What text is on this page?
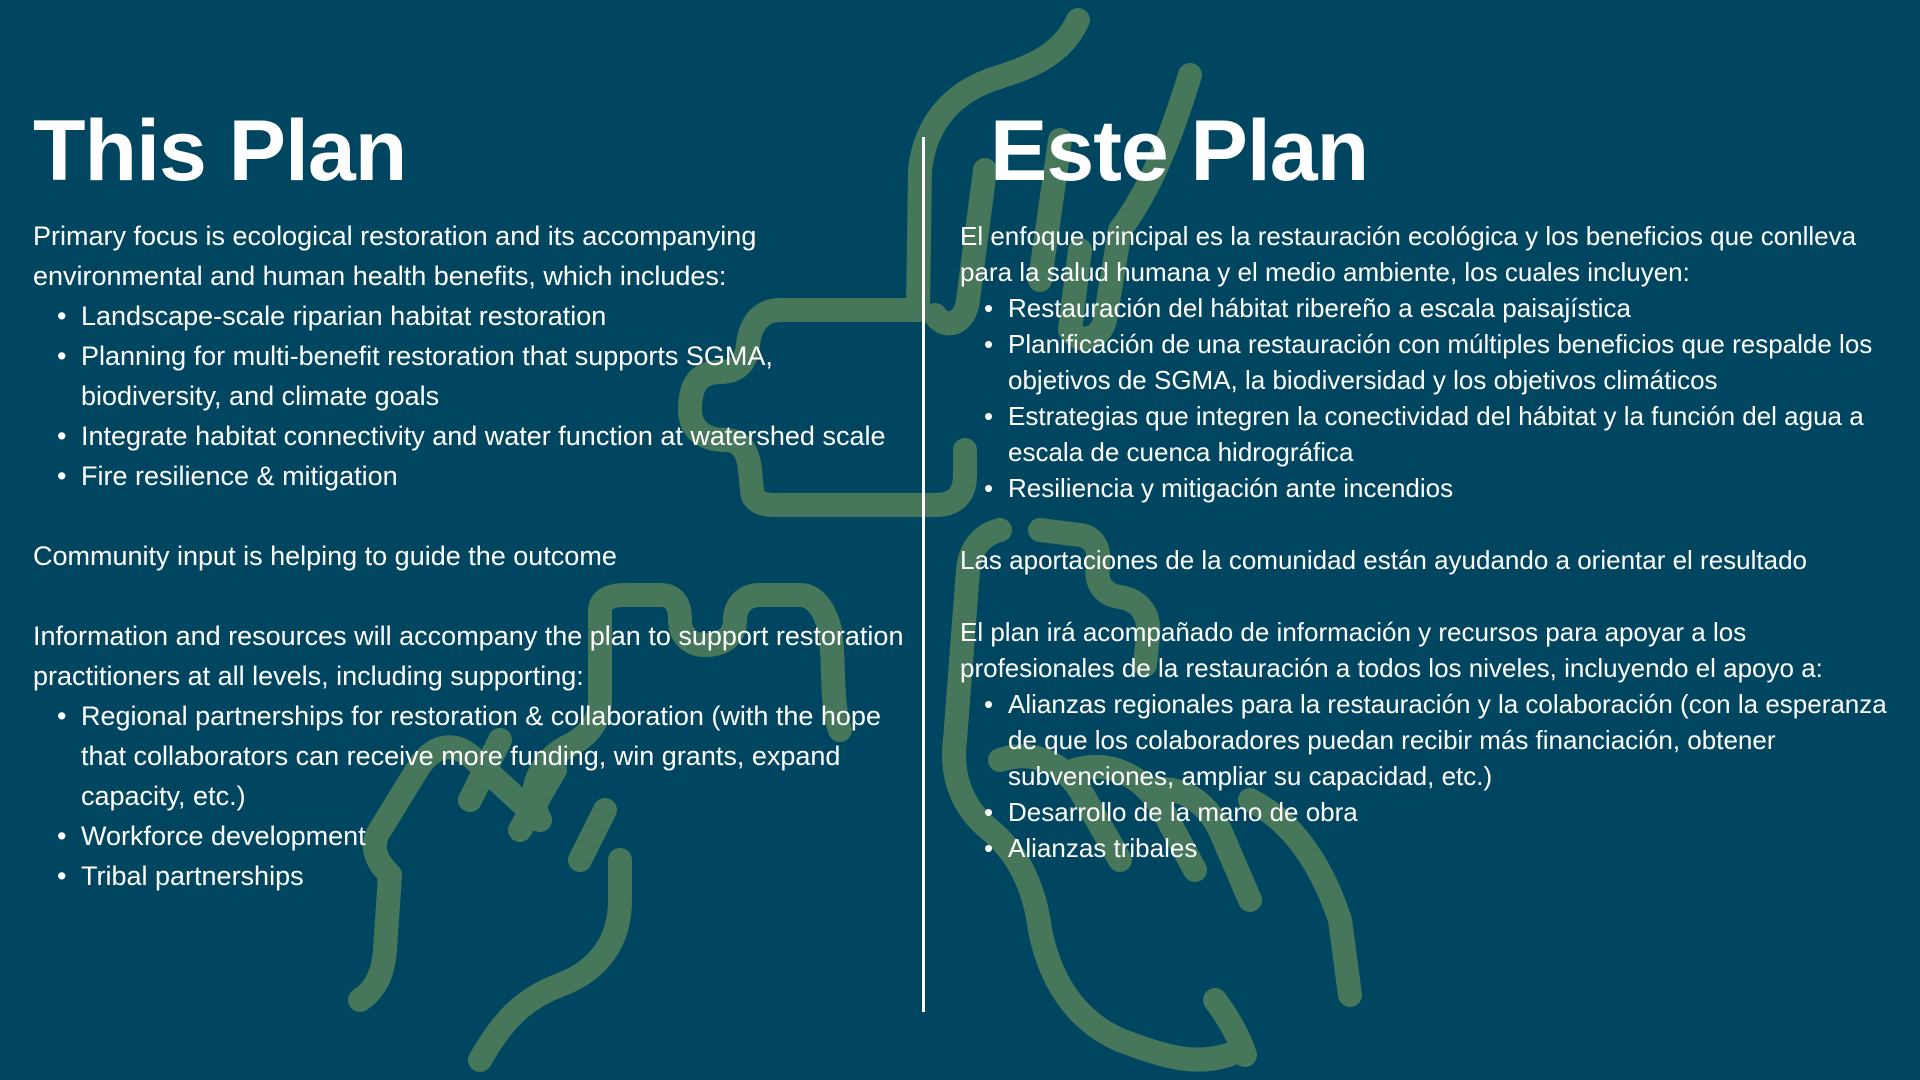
This Plan

Primary focus is ecological restoration and its accompanying environmental and human health benefits, which includes:

• Landscape-scale riparian habitat restoration
• Planning for multi-benefit restoration that supports SGMA, biodiversity, and climate goals
• Integrate habitat connectivity and water function at watershed scale
• Fire resilience & mitigation

Community input is helping to guide the outcome

Information and resources will accompany the plan to support restoration practitioners at all levels, including supporting:

• Regional partnerships for restoration & collaboration (with the hope that collaborators can receive more funding, win grants, expand capacity, etc.)
• Workforce development
• Tribal partnerships
Este Plan

El enfoque principal es la restauración ecológica y los beneficios que conlleva para la salud humana y el medio ambiente, los cuales incluyen:

• Restauración del hábitat ribereño a escala paisajística
• Planificación de una restauración con múltiples beneficios que respalde los objetivos de SGMA, la biodiversidad y los objetivos climáticos
• Estrategias que integren la conectividad del hábitat y la función del agua a escala de cuenca hidrográfica
• Resiliencia y mitigación ante incendios

Las aportaciones de la comunidad están ayudando a orientar el resultado

El plan irá acompañado de información y recursos para apoyar a los profesionales de la restauración a todos los niveles, incluyendo el apoyo a:

• Alianzas regionales para la restauración y la colaboración (con la esperanza de que los colaboradores puedan recibir más financiación, obtener subvenciones, ampliar su capacidad, etc.)
• Desarrollo de la mano de obra
• Alianzas tribales
